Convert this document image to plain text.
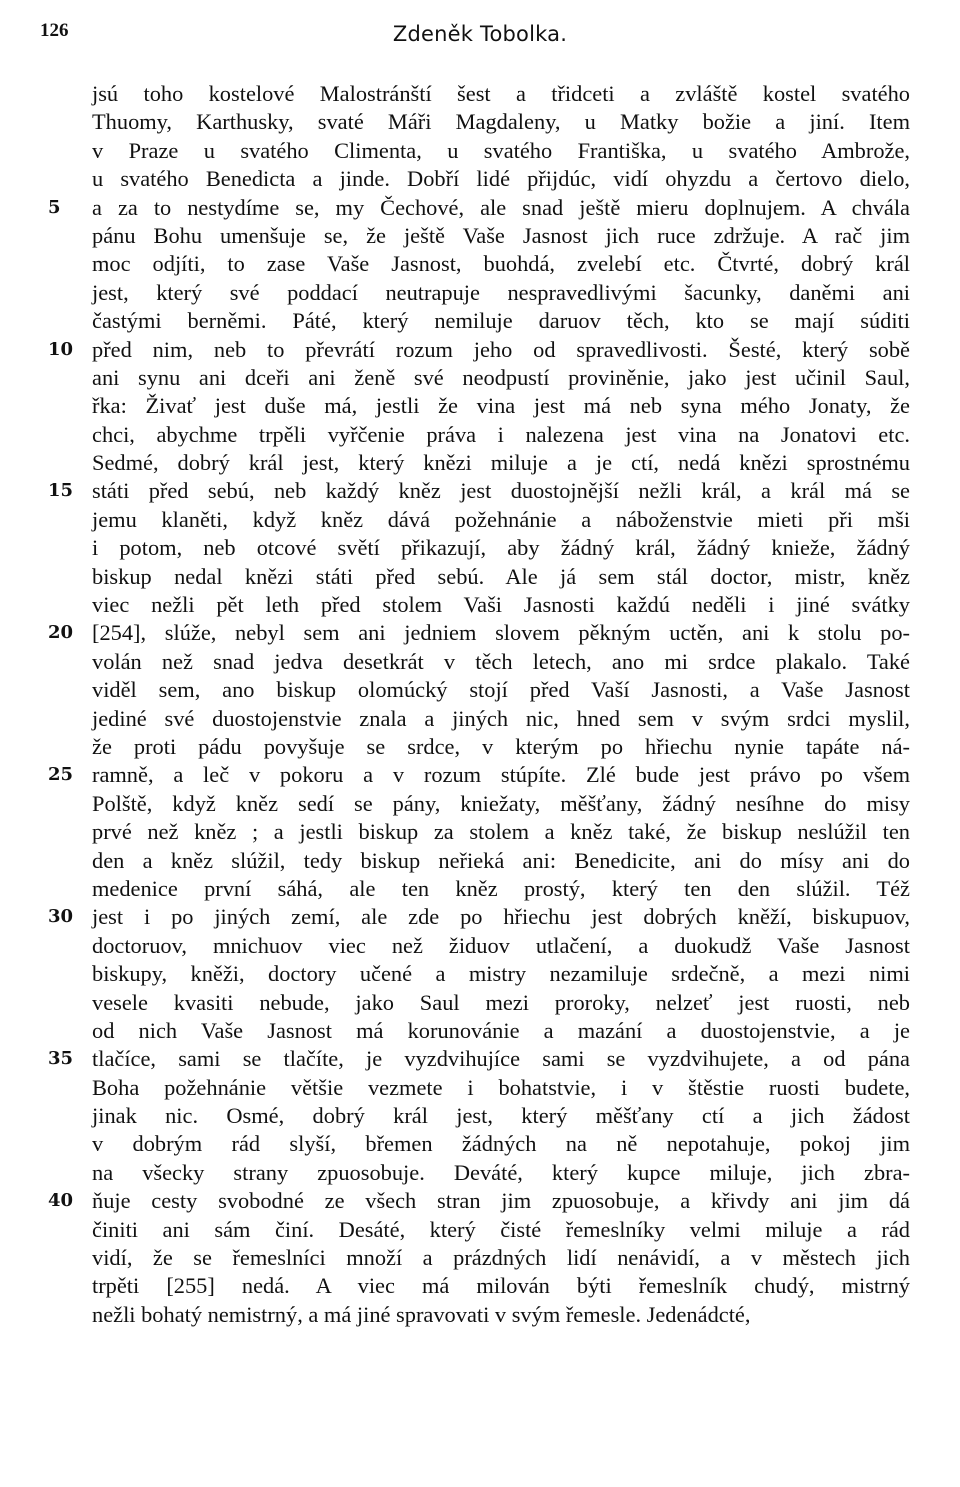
126	Zdeněk Tobolka.
jsú toho kostelové Malostránští šest a třidceti a zvláště kostel svatého
Thuomy, Karthusky, svaté Máři Magdaleny, u Matky božie a jiní. Item
v Praze u svatého Climenta, u svatého Františka, u svatého Ambrože,
u svatého Benedicta a jinde. Dobří lidé přijdúc, vidí ohyzdu a čertovo dielo,
5 a za to nestydíme se, my Čechové, ale snad ještě mieru doplnujem. A chvála
pánu Bohu umenšuje se, že ještě Vaše Jasnost jich ruce zdržuje. A rač jim
moc odjíti, to zase Vaše Jasnost, buohdá, zvelebí etc. Čtvrté, dobrý král
jest, který své poddací neutrapuje nespravedlivými šacunky, daněmi ani
častými berněmi. Páté, který nemiluje daruov těch, kto se mají súditi
10 před nim, neb to převrátí rozum jeho od spravedlivosti. Šesté, který sobě
ani synu ani dceři ani ženě své neodpustí proviněnie, jako jest učinil Saul,
řka: Živať jest duše má, jestli že vina jest má neb syna mého Jonaty, že
chci, abychme trpěli vyřčenie práva i nalezena jest vina na Jonatovi etc.
Sedmé, dobrý král jest, který knězi miluje a je ctí, nedá knězi sprostnému
15 státi před sebú, neb každý kněz jest duostojnější nežli král, a král má se
jemu klaněti, když kněz dává požehnánie a náboženstvie mieti při mši
i potom, neb otcové světí přikazují, aby žádný král, žádný knieže, žádný
biskup nedal knězi státi před sebú. Ale já sem stál doctor, mistr, kněz
viec nežli pět leth před stolem Vaši Jasnosti každú neděli i jiné svátky
20 [254], slúže, nebyl sem ani jedniem slovem pěkným uctěn, ani k stolu po-
volán než snad jedva desetkrát v těch letech, ano mi srdce plakalo. Také
viděl sem, ano biskup olomúcký stojí před Vaší Jasnosti, a Vaše Jasnost
jediné své duostojenstvie znala a jiných nic, hned sem v svým srdci myslil,
že proti pádu povyšuje se srdce, v kterým po hřiechu nynie tapáte ná-
25 ramně, a leč v pokoru a v rozum stúpíte. Zlé bude jest právo po všem
Polště, když kněz sedí se pány, kniežaty, měšťany, žádný nesíhne do misy
prvé než kněz ; a jestli biskup za stolem a kněz také, že biskup neslúžil ten
den a kněz slúžil, tedy biskup neřieká ani: Benedicite, ani do mísy ani do
medenice první sáhá, ale ten kněz prostý, který ten den slúžil. Též
30 jest i po jiných zemí, ale zde po hřiechu jest dobrých kněží, biskupuov,
doctoruov, mnichuov viec než židuov utlačení, a duokudž Vaše Jasnost
biskupy, kněži, doctory učené a mistry nezamiluje srdečně, a mezi nimi
vesele kvasiti nebude, jako Saul mezi proroky, nelzeť jest ruosti, neb
od nich Vaše Jasnost má korunovánie a mazání a duostojenstvie, a je
35 tlačíce, sami se tlačíte, je vyzdvihujíce sami se vyzdvihujete, a od pána
Boha požehnánie většie vezmete i bohatstvie, i v štěstie ruosti budete,
jinak nic. Osmé, dobrý král jest, který měšťany ctí a jich žádost
v dobrým rád slyší, břemen žádných na ně nepotahuje, pokoj jim
na všecky strany zpuosobuje. Deváté, který kupce miluje, jich zbra-
40 ňuje cesty svobodné ze všech stran jim zpuosobuje, a křivdy ani jim dá
činiti ani sám činí. Desáté, který čisté řemeslníky velmi miluje a rád
vidí, že se řemeslníci množí a prázdných lidí nenávidí, a v městech jich
trpěti [255] nedá. A viec má milován býti řemeslník chudý, mistrný
nežli bohatý nemistrný, a má jiné spravovati v svým řemesle. Jedenádcté,
